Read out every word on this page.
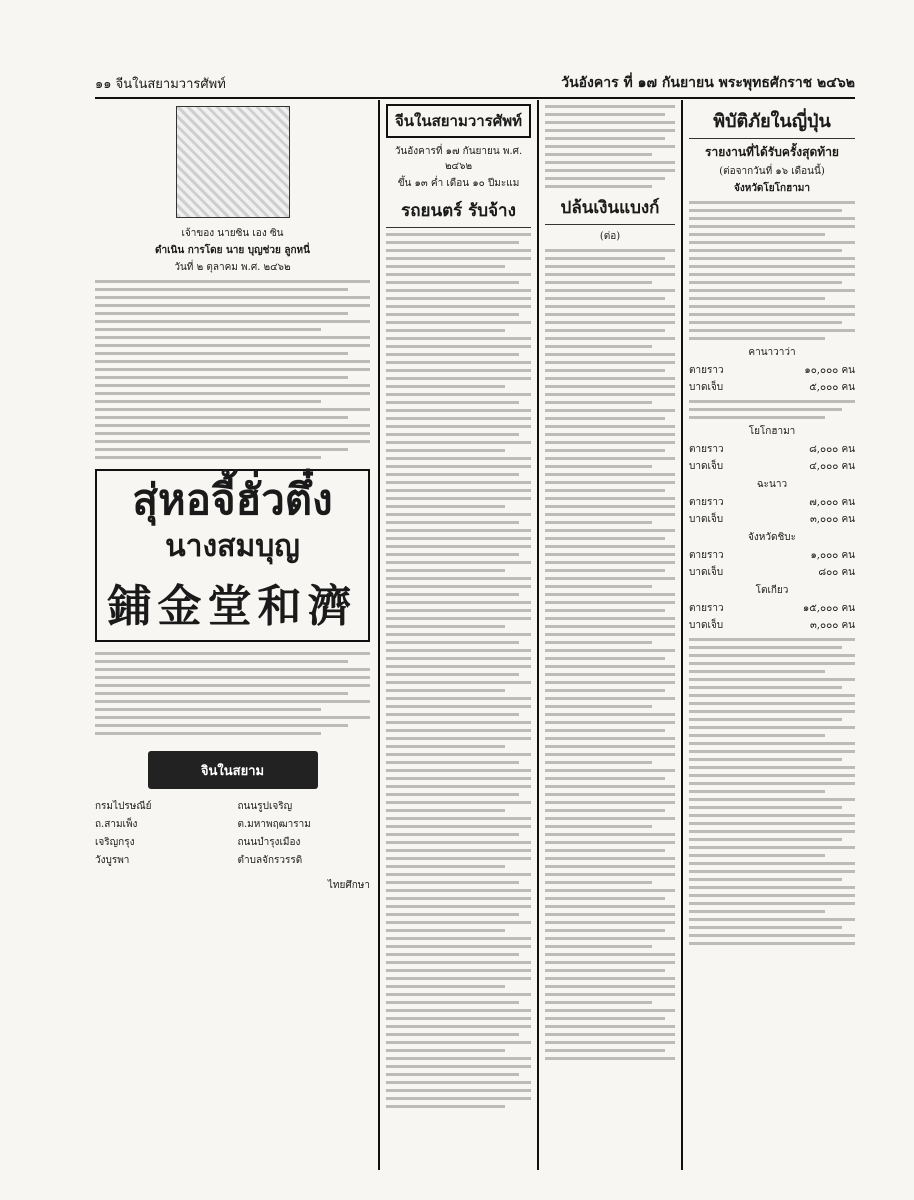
๑๑ จีนในสยามวารศัพท์	วันอังคาร ที่ ๑๗ กันยายน พระพุทธศักราช ๒๔๖๒
เจ้าของ นายซิน เอง ซิน
ดำเนิน การโดย นาย บุญช่วย ลูกหนี่
วันที่ ๒ ตุลาคม พ.ศ. ๒๔๖๒
สุ่หอจี้ฮั่วตึ๋ง
นางสมบุญ
鋪金堂和濟
จินในสยาม
กรมไปรษณีย์	ถนนรูปเจริญ
ถ.สามเพ็ง	ต.มหาพฤฒาราม
เจริญกรุง	ถนนบำรุงเมือง
วังบูรพา	ตำบลจักรวรรดิ
ไทยศึกษา
จีนในสยามวารศัพท์
วันอังคารที่ ๑๗ กันยายน พ.ศ. ๒๔๖๒
ขึ้น ๑๓ ค่ำ เดือน ๑๐ ปีมะแม
รถยนตร์ รับจ้าง	ปล้นเงินแบงก์
(ต่อ)
พิบัติภัยในญี่ปุ่น
รายงานที่ได้รับครั้งสุดท้าย
(ต่อจากวันที่ ๑๖ เดือนนี้)
จังหวัดโยโกฮามา
คานาวาว่า
ตายราว	๑๐,๐๐๐ คน
บาดเจ็บ	๕,๐๐๐ คน
โยโกฮามา
ตายราว	๘,๐๐๐ คน
บาดเจ็บ	๔,๐๐๐ คน
ฉะนาว
ตายราว	๗,๐๐๐ คน
บาดเจ็บ	๓,๐๐๐ คน
จังหวัดชิบะ
ตายราว	๑,๐๐๐ คน
บาดเจ็บ	๘๐๐ คน
โตเกียว
ตายราว	๑๕,๐๐๐ คน
บาดเจ็บ	๓,๐๐๐ คน
